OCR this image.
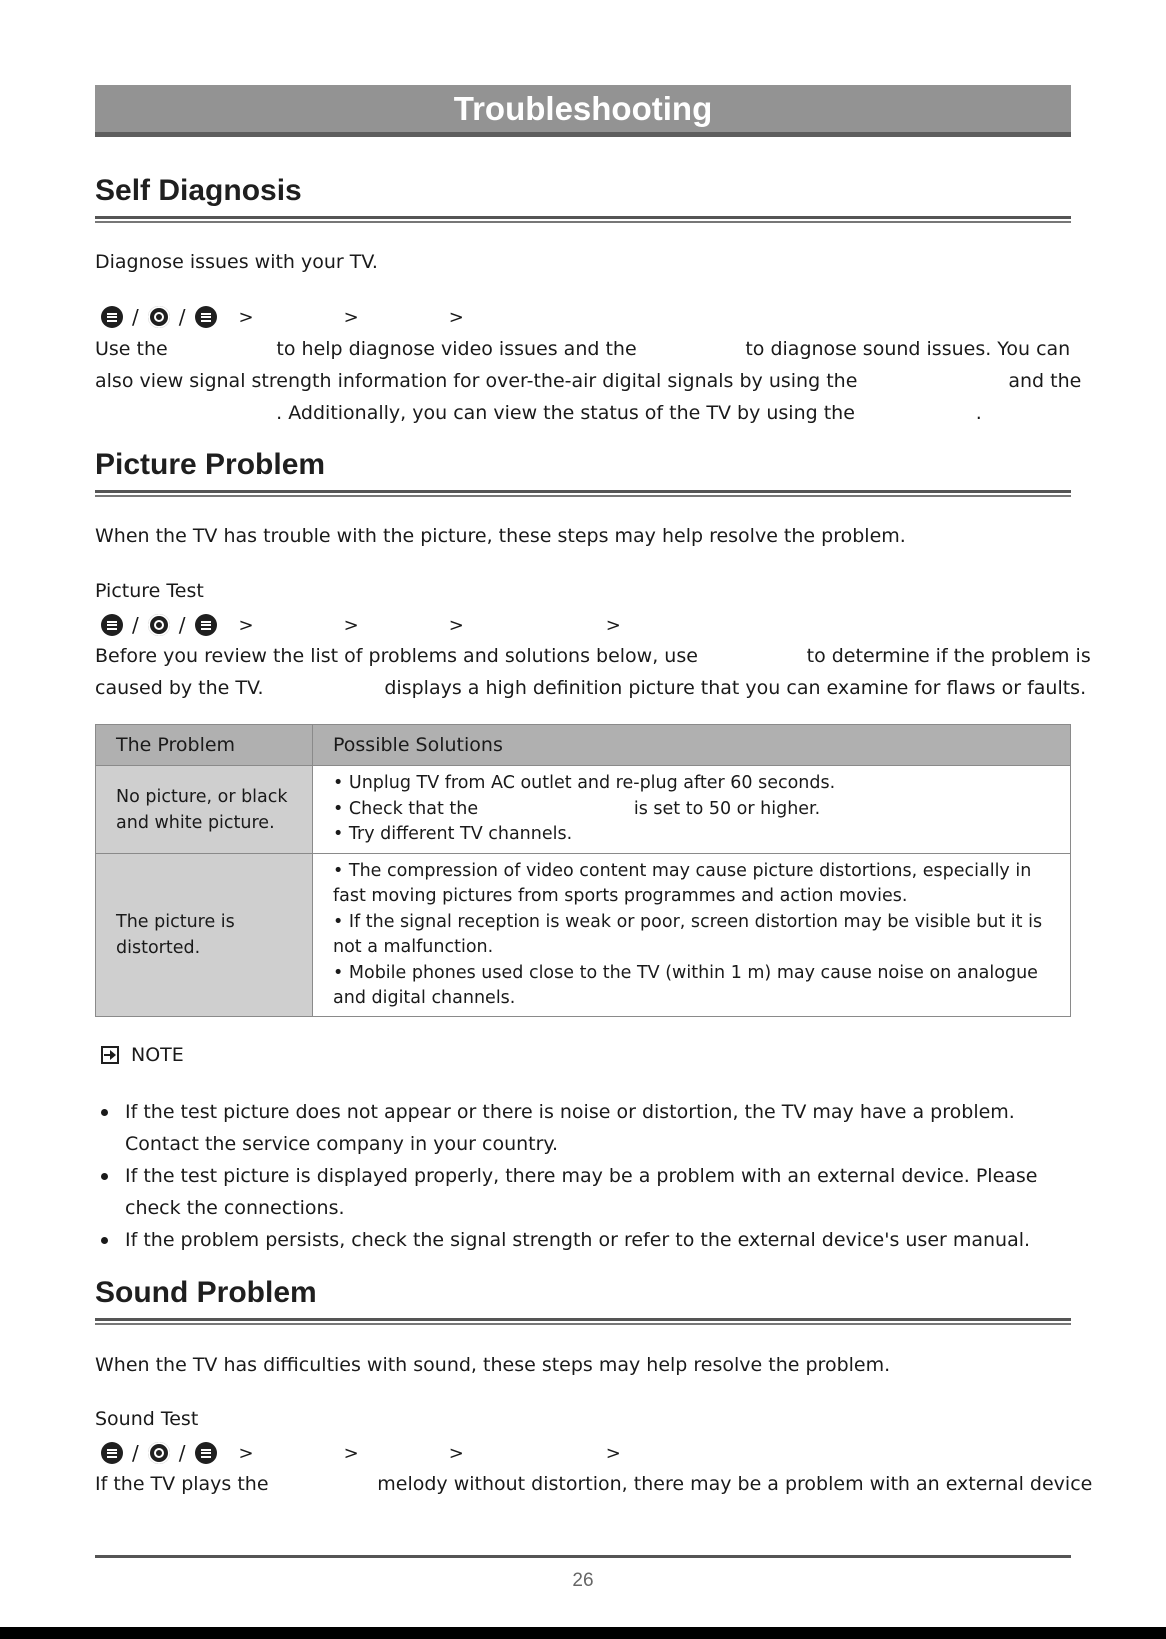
Troubleshooting
Self Diagnosis
Diagnose issues with your TV.
/ /	>	>	>
Use the                  to help diagnose video issues and the                  to diagnose sound issues. You can
also view signal strength information for over-the-air digital signals by using the                         and the
. Additionally, you can view the status of the TV by using the                    .
Picture Problem
When the TV has trouble with the picture, these steps may help resolve the problem.
Picture Test
/ /	>	>	>	>
Before you review the list of problems and solutions below, use                  to determine if the problem is
caused by the TV.                    displays a high definition picture that you can examine for flaws or faults.
The Problem	Possible Solutions
No picture, or black and white picture.	• Unplug TV from AC outlet and re-plug after 60 seconds.
• Check that the                            is set to 50 or higher.
• Try different TV channels.

The picture is distorted.	• The compression of video content may cause picture distortions, especially in fast moving pictures from sports programmes and action movies.
• If the signal reception is weak or poor, screen distortion may be visible but it is not a malfunction.
• Mobile phones used close to the TV (within 1 m) may cause noise on analogue and digital channels.
NOTE
If the test picture does not appear or there is noise or distortion, the TV may have a problem. Contact the service company in your country.
If the test picture is displayed properly, there may be a problem with an external device. Please check the connections.
If the problem persists, check the signal strength or refer to the external device's user manual.
Sound Problem
When the TV has difficulties with sound, these steps may help resolve the problem.
Sound Test
/ /	>	>	>	>
If the TV plays the                  melody without distortion, there may be a problem with an external device
26
